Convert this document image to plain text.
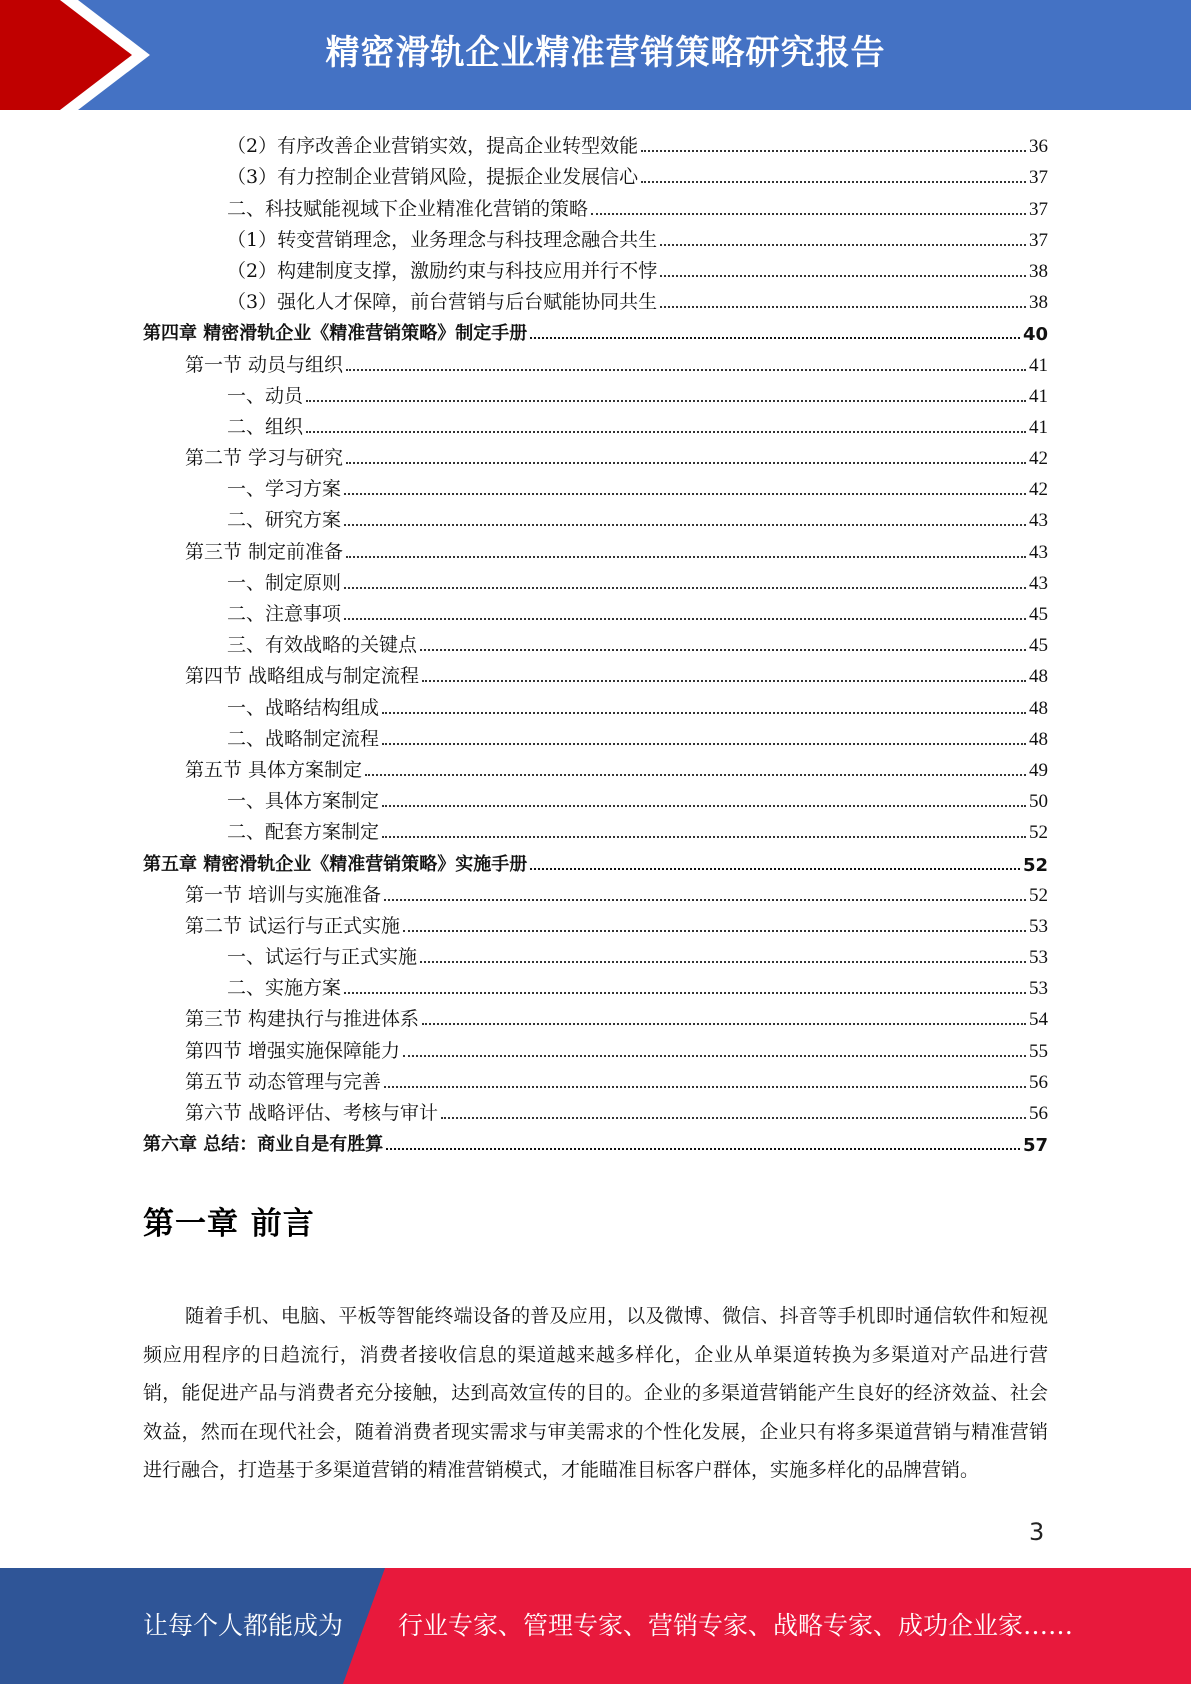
精密滑轨企业精准营销策略研究报告
（2）有序改善企业营销实效，提高企业转型效能	36
（3）有力控制企业营销风险，提振企业发展信心	37
二、科技赋能视域下企业精准化营销的策略	37
（1）转变营销理念，业务理念与科技理念融合共生	37
（2）构建制度支撑，激励约束与科技应用并行不悖	38
（3）强化人才保障，前台营销与后台赋能协同共生	38
第四章 精密滑轨企业《精准营销策略》制定手册	40
第一节 动员与组织	41
一、动员	41
二、组织	41
第二节 学习与研究	42
一、学习方案	42
二、研究方案	43
第三节 制定前准备	43
一、制定原则	43
二、注意事项	45
三、有效战略的关键点	45
第四节 战略组成与制定流程	48
一、战略结构组成	48
二、战略制定流程	48
第五节 具体方案制定	49
一、具体方案制定	50
二、配套方案制定	52
第五章 精密滑轨企业《精准营销策略》实施手册	52
第一节 培训与实施准备	52
第二节 试运行与正式实施	53
一、试运行与正式实施	53
二、实施方案	53
第三节 构建执行与推进体系	54
第四节 增强实施保障能力	55
第五节 动态管理与完善	56
第六节 战略评估、考核与审计	56
第六章 总结：商业自是有胜算	57
第一章 前言

随着手机、电脑、平板等智能终端设备的普及应用，以及微博、微信、抖音等手机即时通信软件和短视频应用程序的日趋流行，消费者接收信息的渠道越来越多样化，企业从单渠道转换为多渠道对产品进行营销，能促进产品与消费者充分接触，达到高效宣传的目的。企业的多渠道营销能产生良好的经济效益、社会效益，然而在现代社会，随着消费者现实需求与审美需求的个性化发展，企业只有将多渠道营销与精准营销进行融合，打造基于多渠道营销的精准营销模式，才能瞄准目标客户群体，实施多样化的品牌营销。

3
让每个人都能成为 行业专家、管理专家、营销专家、战略专家、成功企业家……
